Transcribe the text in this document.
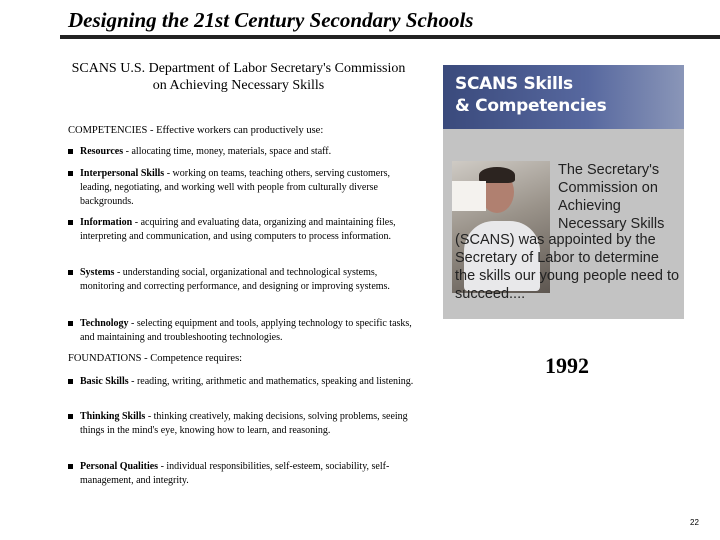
Designing the 21st Century Secondary Schools
SCANS U.S. Department of Labor Secretary's Commission on Achieving Necessary Skills
COMPETENCIES - Effective workers can productively use:
Resources - allocating time, money, materials, space and staff.
Interpersonal Skills - working on teams, teaching others, serving customers, leading, negotiating, and working well with people from culturally diverse backgrounds.
Information - acquiring and evaluating data, organizing and maintaining files, interpreting and communication, and using computers to process information.
Systems - understanding social, organizational and technological systems, monitoring and correcting performance, and designing or improving systems.
Technology - selecting equipment and tools, applying technology to specific tasks, and maintaining and troubleshooting technologies.
FOUNDATIONS - Competence requires:
Basic Skills - reading, writing, arithmetic and mathematics, speaking and listening.
Thinking Skills - thinking creatively, making decisions, solving problems, seeing things in the mind's eye, knowing how to learn, and reasoning.
Personal Qualities - individual responsibilities, self-esteem, sociability, self-management, and integrity.
SCANS Skills
& Competencies
The Secretary's Commission on Achieving Necessary Skills
(SCANS) was appointed by the Secretary of Labor to determine the skills our young people need to succeed....
1992
22
